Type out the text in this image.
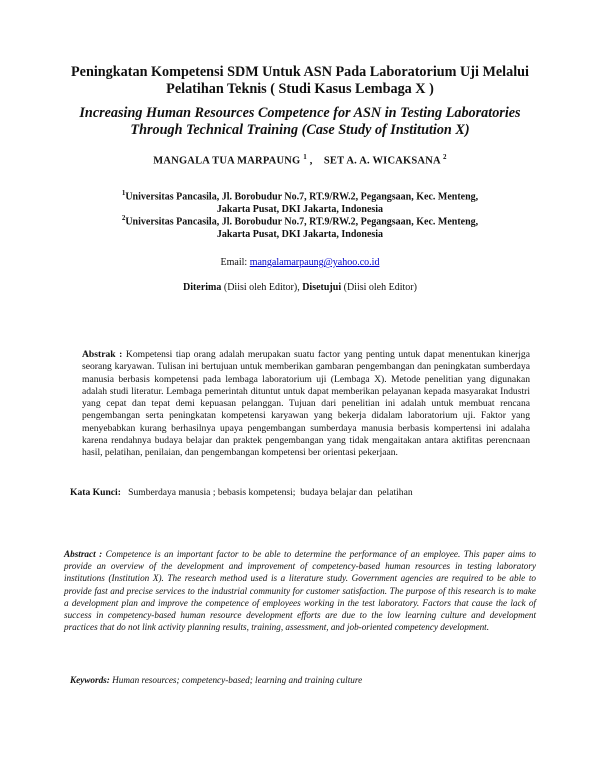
Peningkatan Kompetensi SDM Untuk ASN Pada Laboratorium Uji Melalui
Pelatihan Teknis ( Studi Kasus Lembaga X )
Increasing Human Resources Competence for ASN in Testing Laboratories
Through Technical Training (Case Study of Institution X)
MANGALA TUA MARPAUNG $^1$ ,    SET A. A. WICAKSANA $^2$
$^1$Universitas Pancasila, Jl. Borobudur No.7, RT.9/RW.2, Pegangsaan, Kec. Menteng,
Jakarta Pusat, DKI Jakarta, Indonesia
$^2$Universitas Pancasila, Jl. Borobudur No.7, RT.9/RW.2, Pegangsaan, Kec. Menteng,
Jakarta Pusat, DKI Jakarta, Indonesia
Email: mangalamarpaung@yahoo.co.id
Diterima (Diisi oleh Editor), Disetujui (Diisi oleh Editor)
Abstrak : Kompetensi tiap orang adalah merupakan suatu factor yang penting untuk dapat menentukan kinerjga seorang karyawan. Tulisan ini bertujuan untuk memberikan gambaran pengembangan dan peningkatan sumberdaya manusia berbasis kompetensi pada lembaga laboratorium uji (Lembaga X). Metode penelitian yang digunakan adalah studi literatur. Lembaga pemerintah dituntut untuk dapat memberikan pelayanan kepada masyarakat Industri yang cepat dan tepat demi kepuasan pelanggan. Tujuan dari penelitian ini adalah untuk membuat rencana pengembangan serta peningkatan kompetensi karyawan yang bekerja didalam laboratorium uji. Faktor yang menyebabkan kurang berhasilnya upaya pengembangan sumberdaya manusia berbasis kompertensi ini adalaha karena rendahnya budaya belajar dan praktek pengembangan yang tidak mengaitakan antara aktifitas perencnaan hasil, pelatihan, penilaian, dan pengembangan kompetensi ber orientasi pekerjaan.
Kata Kunci:   Sumberdaya manusia ; bebasis kompetensi;  budaya belajar dan  pelatihan
Abstract : Competence is an important factor to be able to determine the performance of an employee. This paper aims to provide an overview of the development and improvement of competency-based human resources in testing laboratory institutions (Institution X). The research method used is a literature study. Government agencies are required to be able to provide fast and precise services to the industrial community for customer satisfaction. The purpose of this research is to make a development plan and improve the competence of employees working in the test laboratory. Factors that cause the lack of success in competency-based human resource development efforts are due to the low learning culture and development practices that do not link activity planning results, training, assessment, and job-oriented competency development.
Keywords: Human resources; competency-based; learning and training culture
